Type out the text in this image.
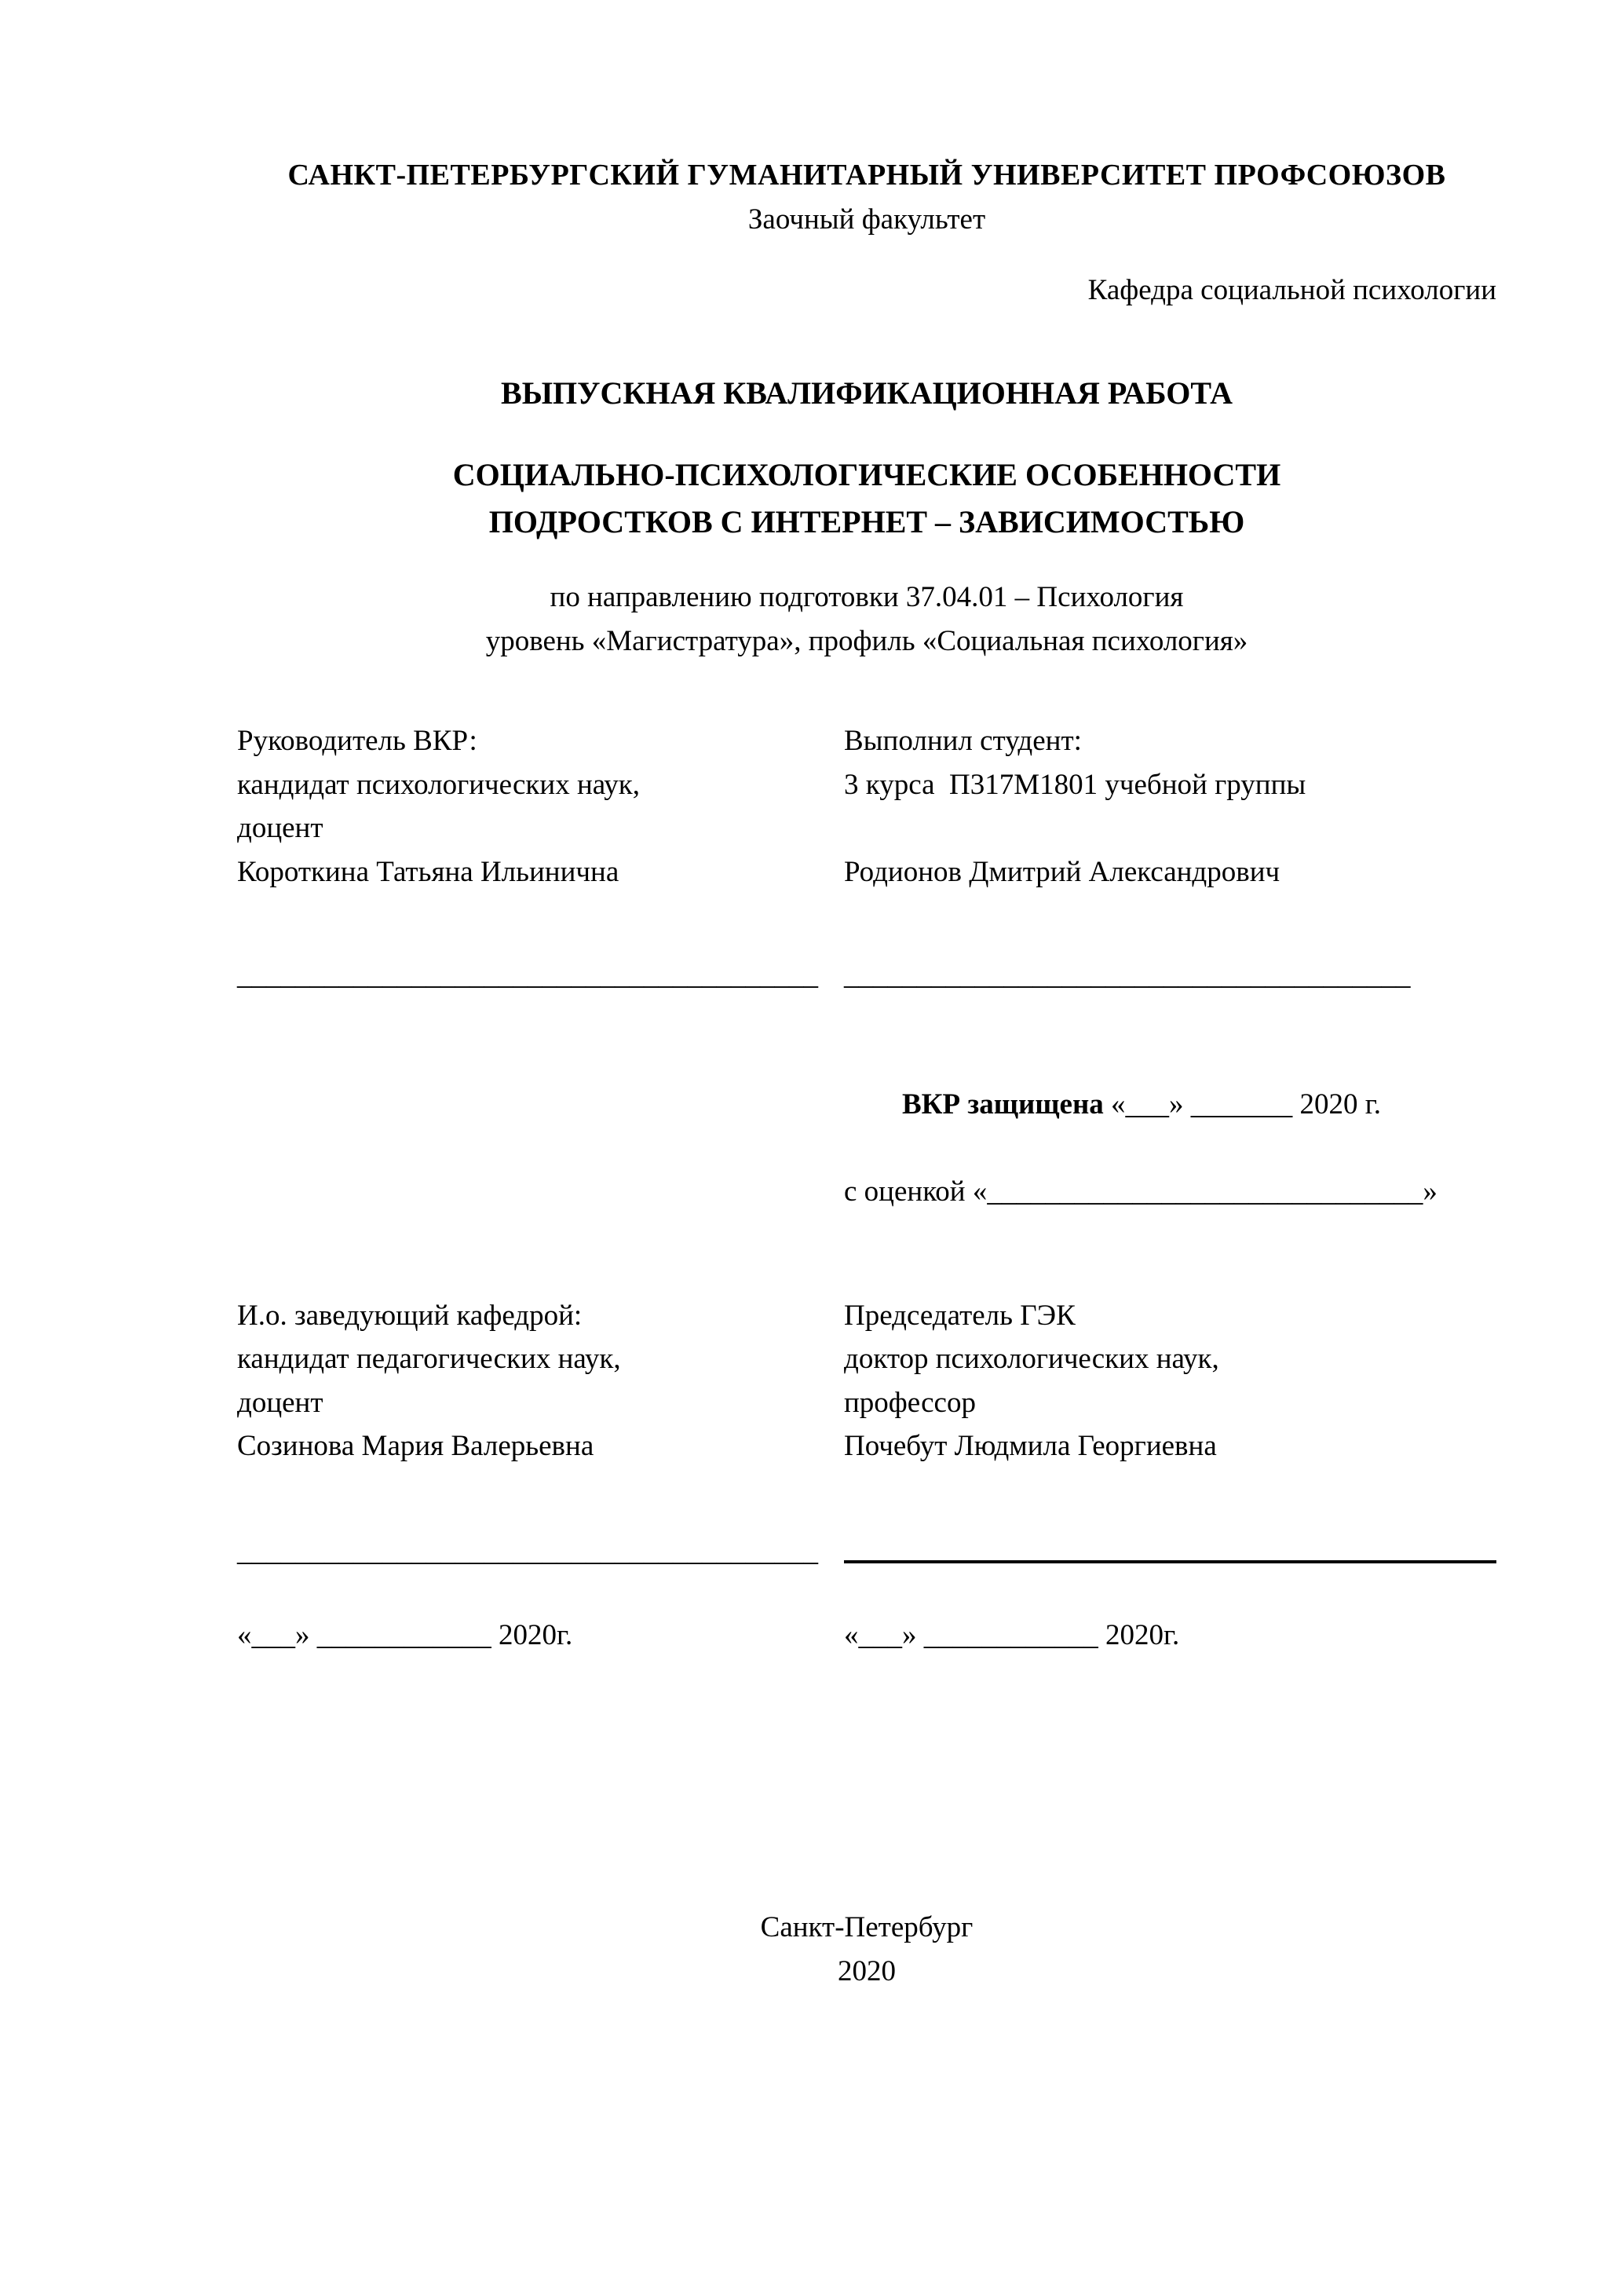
САНКТ-ПЕТЕРБУРГСКИЙ ГУМАНИТАРНЫЙ УНИВЕРСИТЕТ ПРОФСОЮЗОВ
Заочный факультет
Кафедра социальной психологии
ВЫПУСКНАЯ КВАЛИФИКАЦИОННАЯ РАБОТА
СОЦИАЛЬНО-ПСИХОЛОГИЧЕСКИЕ ОСОБЕННОСТИ
ПОДРОСТКОВ С ИНТЕРНЕТ – ЗАВИСИМОСТЬЮ
по направлению подготовки 37.04.01 – Психология
уровень «Магистратура», профиль «Социальная психология»

Руководитель ВКР:

кандидат психологических наук,

доцент

Короткина Татьяна Ильинична

Выполнил студент:

3 курса  П317М1801 учебной группы

Родионов Дмитрий Александрович

________________________________________ _______________________________________

ВКР защищена «___» _______ 2020 г.

с оценкой «______________________________»

И.о. заведующий кафедрой:

кандидат педагогических наук,

доцент

Созинова Мария Валерьевна

Председатель ГЭК

доктор психологических наук,

профессор

Почебут Людмила Георгиевна

________________________________________

«___» ____________ 2020г.	«___» ____________ 2020г.

Санкт-Петербург
2020
